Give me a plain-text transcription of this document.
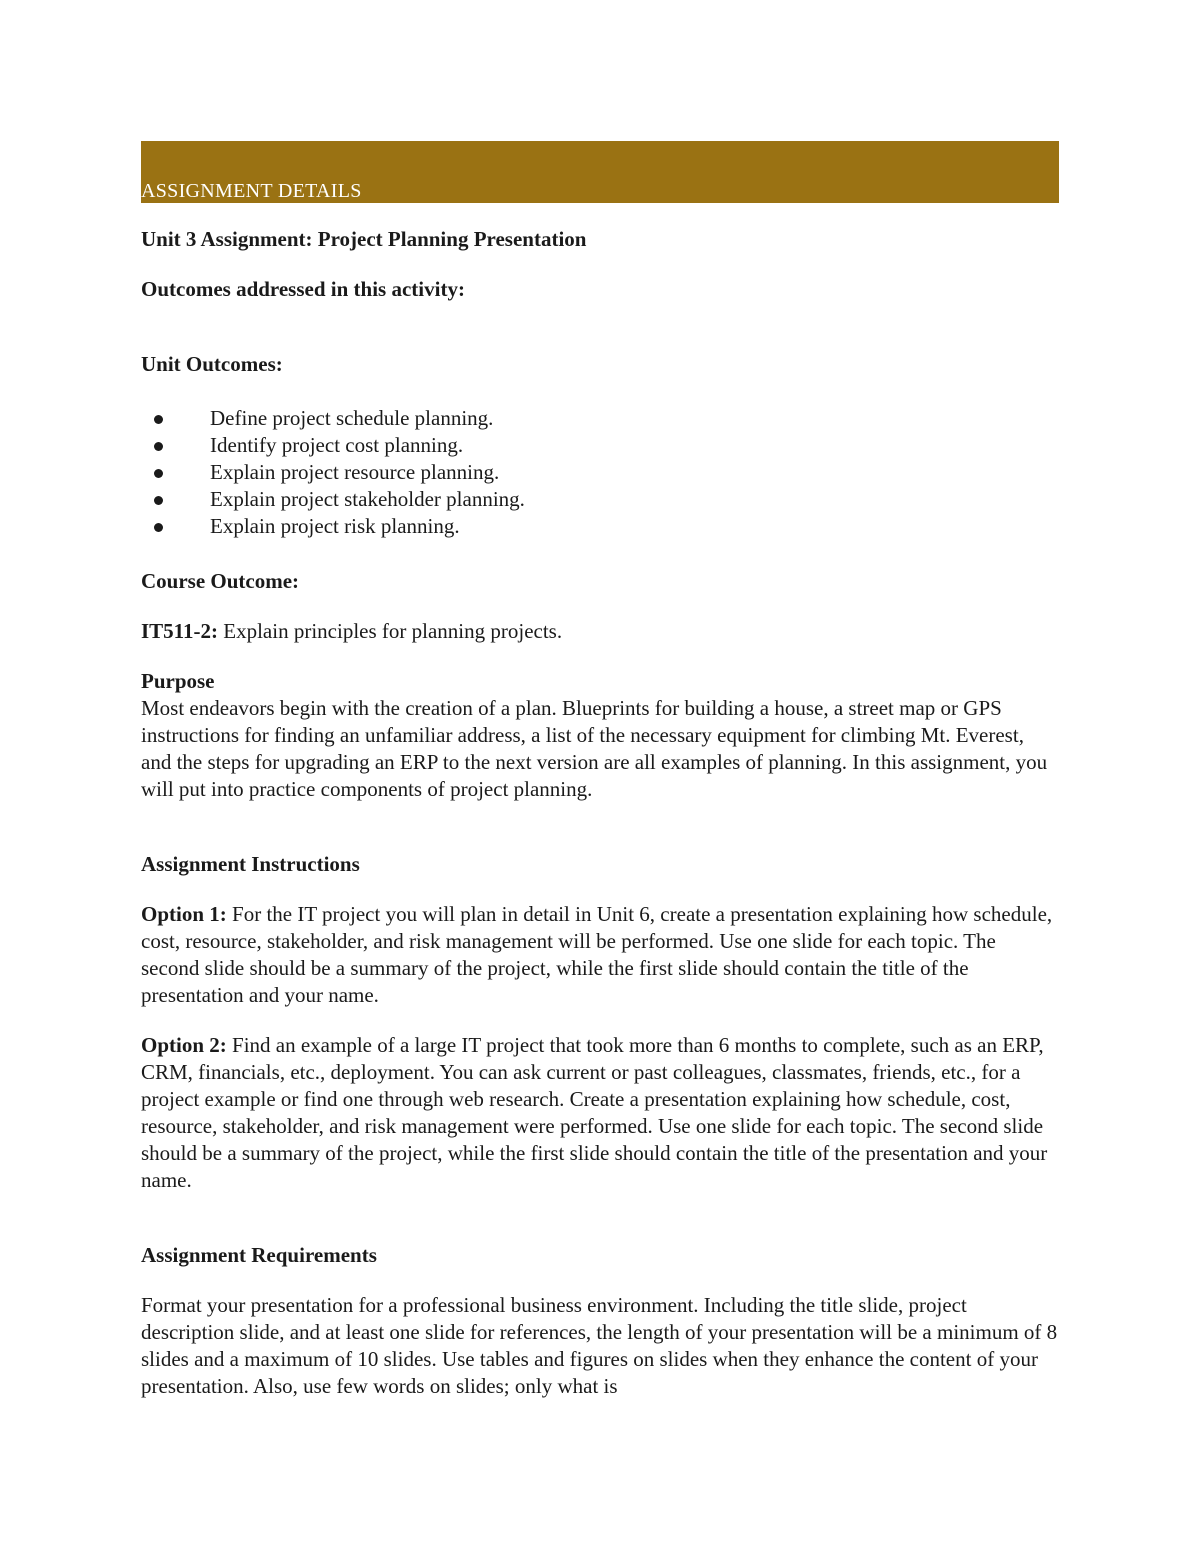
ASSIGNMENT DETAILS

Unit 3 Assignment: Project Planning Presentation

Outcomes addressed in this activity:

Unit Outcomes:

Define project schedule planning.
Identify project cost planning.
Explain project resource planning.
Explain project stakeholder planning.
Explain project risk planning.

Course Outcome:

IT511-2: Explain principles for planning projects.

Purpose

Most endeavors begin with the creation of a plan. Blueprints for building a house, a street map or GPS instructions for finding an unfamiliar address, a list of the necessary equipment for climbing Mt. Everest, and the steps for upgrading an ERP to the next version are all examples of planning. In this assignment, you will put into practice components of project planning.

Assignment Instructions

Option 1: For the IT project you will plan in detail in Unit 6, create a presentation explaining how schedule, cost, resource, stakeholder, and risk management will be performed. Use one slide for each topic. The second slide should be a summary of the project, while the first slide should contain the title of the presentation and your name.

Option 2: Find an example of a large IT project that took more than 6 months to complete, such as an ERP, CRM, financials, etc., deployment. You can ask current or past colleagues, classmates, friends, etc., for a project example or find one through web research. Create a presentation explaining how schedule, cost, resource, stakeholder, and risk management were performed. Use one slide for each topic. The second slide should be a summary of the project, while the first slide should contain the title of the presentation and your name.

Assignment Requirements

Format your presentation for a professional business environment. Including the title slide, project description slide, and at least one slide for references, the length of your presentation will be a minimum of 8 slides and a maximum of 10 slides. Use tables and figures on slides when they enhance the content of your presentation. Also, use few words on slides; only what is
